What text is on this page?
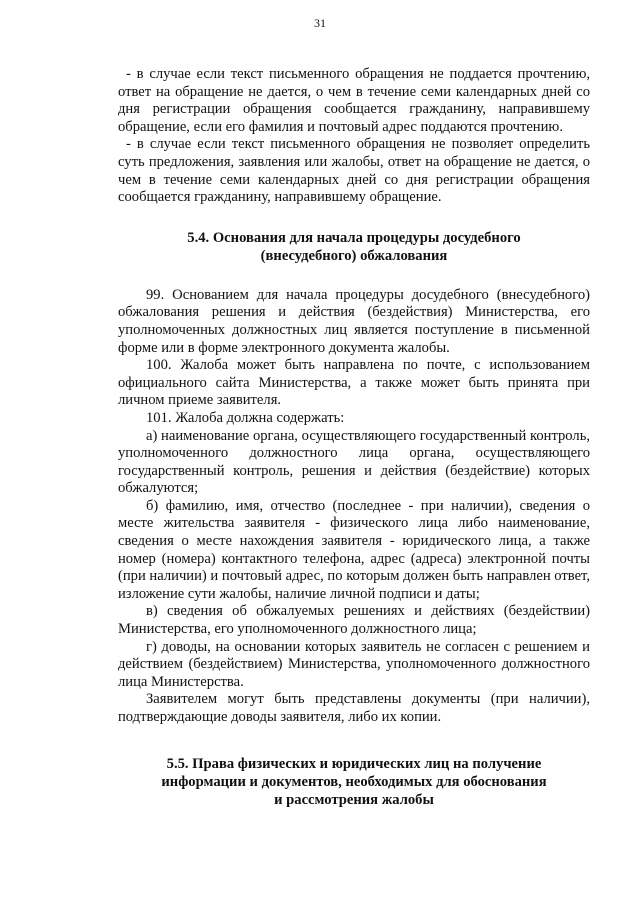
31

- в случае если текст письменного обращения не поддается прочтению, ответ на обращение не дается, о чем в течение семи календарных дней со дня регистрации обращения сообщается гражданину, направившему обращение, если его фамилия и почтовый адрес поддаются прочтению.

- в случае если текст письменного обращения не позволяет определить суть предложения, заявления или жалобы, ответ на обращение не дается, о чем в течение семи календарных дней со дня регистрации обращения сообщается гражданину, направившему обращение.

5.4. Основания для начала процедуры досудебного
(внесудебного) обжалования

99. Основанием для начала процедуры досудебного (внесудебного) обжалования решения и действия (бездействия) Министерства, его уполномоченных должностных лиц является поступление в письменной форме или в форме электронного документа жалобы.

100. Жалоба может быть направлена по почте, с использованием официального сайта Министерства, а также может быть принята при личном приеме заявителя.

101. Жалоба должна содержать:

а) наименование органа, осуществляющего государственный контроль, уполномоченного должностного лица органа, осуществляющего государственный контроль, решения и действия (бездействие) которых обжалуются;

б) фамилию, имя, отчество (последнее - при наличии), сведения о месте жительства заявителя - физического лица либо наименование, сведения о месте нахождения заявителя - юридического лица, а также номер (номера) контактного телефона, адрес (адреса) электронной почты (при наличии) и почтовый адрес, по которым должен быть направлен ответ, изложение сути жалобы, наличие личной подписи и даты;

в) сведения об обжалуемых решениях и действиях (бездействии) Министерства, его уполномоченного должностного лица;

г) доводы, на основании которых заявитель не согласен с решением и действием (бездействием) Министерства, уполномоченного должностного лица Министерства.

Заявителем могут быть представлены документы (при наличии), подтверждающие доводы заявителя, либо их копии.

5.5. Права физических и юридических лиц на получение
информации и документов, необходимых для обоснования
и рассмотрения жалобы
